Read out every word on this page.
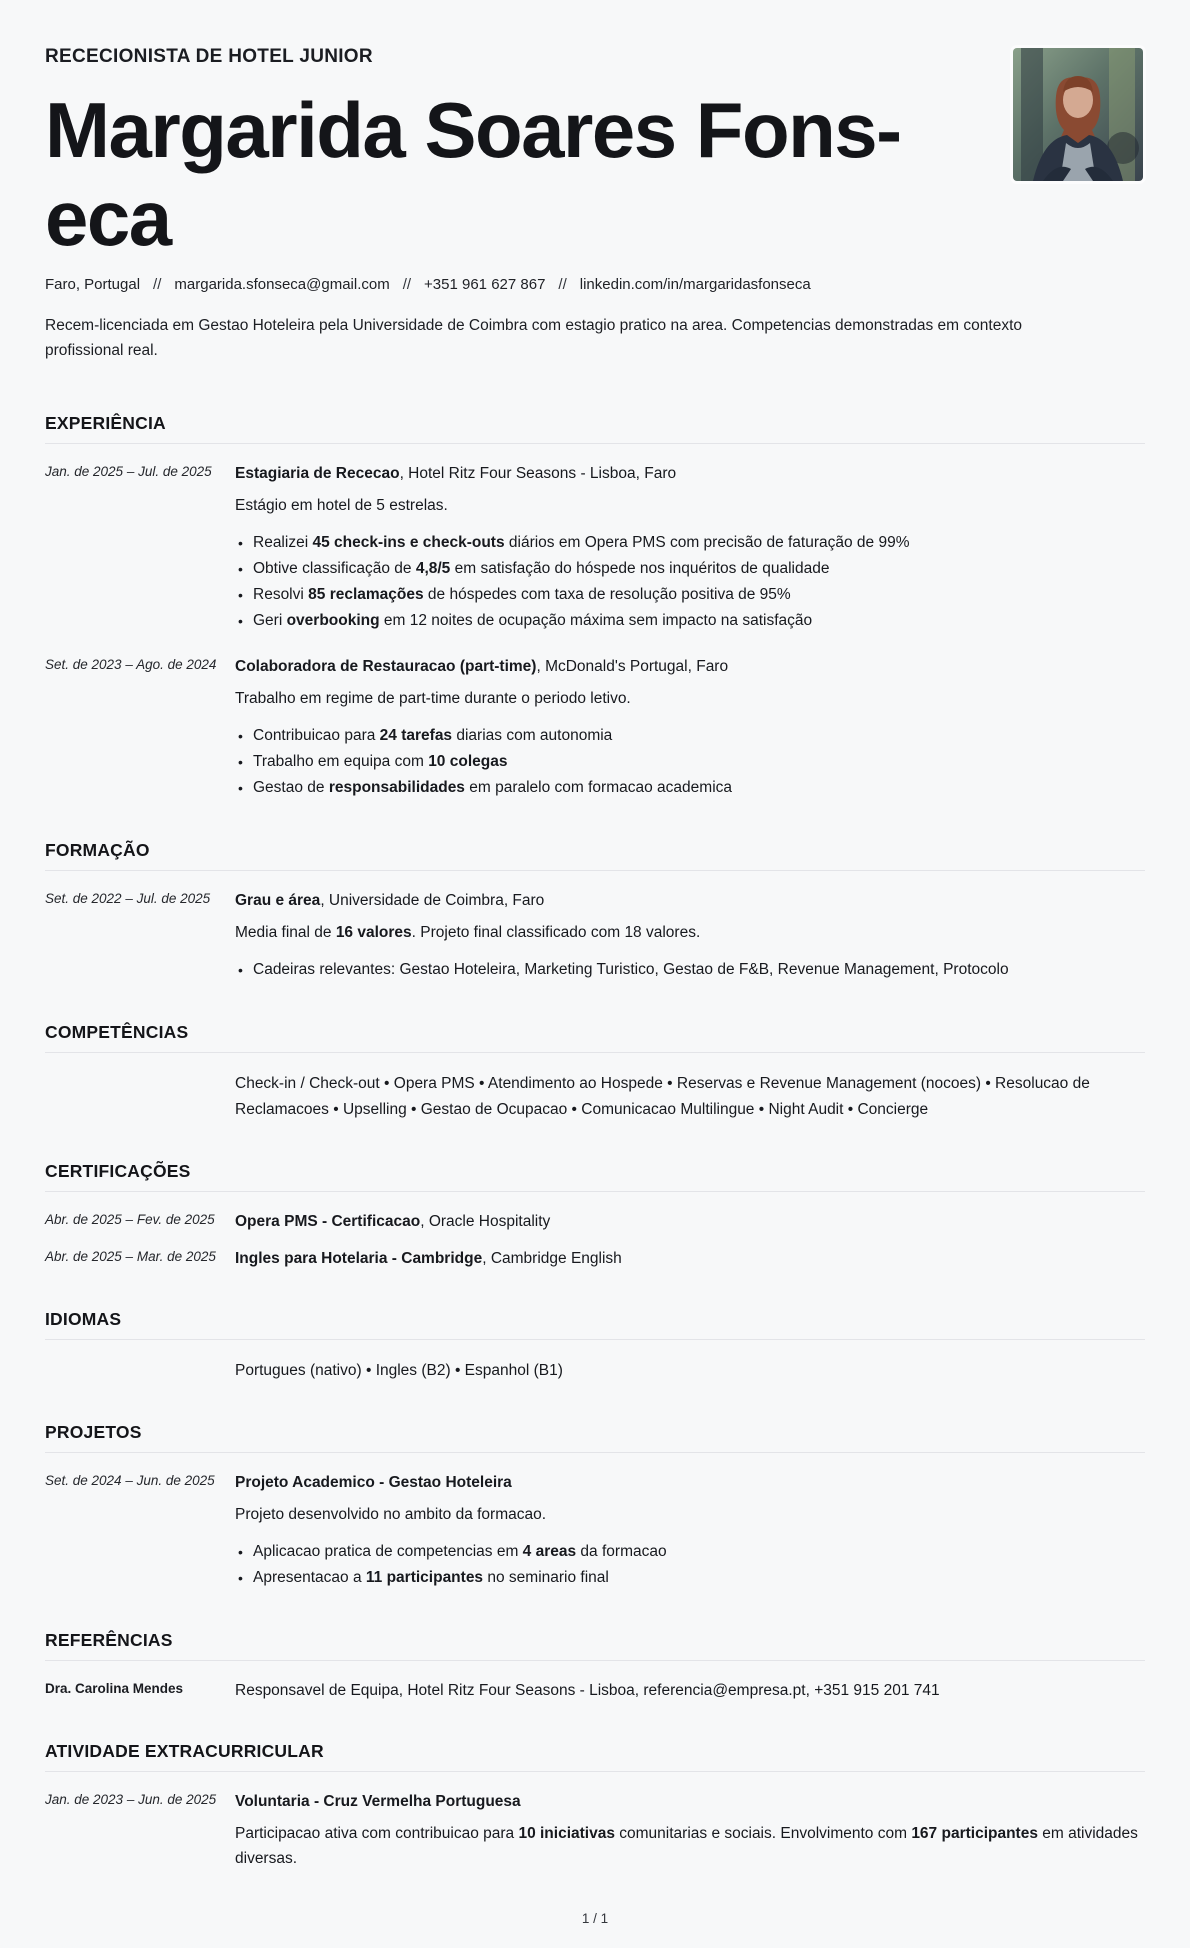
RECECIONISTA DE HOTEL JUNIOR

Margarida Soares Fonseca
Faro, Portugal // margarida.sfonseca@gmail.com // +351 961 627 867 // linkedin.com/in/margaridasfonseca

Recem-licenciada em Gestao Hoteleira pela Universidade de Coimbra com estagio pratico na area. Competencias demonstradas em contexto profissional real.

EXPERIÊNCIA
Jan. de 2025 – Jul. de 2025	Estagiaria de Rececao, Hotel Ritz Four Seasons - Lisboa, Faro

Estágio em hotel de 5 estrelas.

• Realizei 45 check-ins e check-outs diários em Opera PMS com precisão de faturação de 99%
• Obtive classificação de 4,8/5 em satisfação do hóspede nos inquéritos de qualidade
• Resolvi 85 reclamações de hóspedes com taxa de resolução positiva de 95%
• Geri overbooking em 12 noites de ocupação máxima sem impacto na satisfação
Set. de 2023 – Ago. de 2024	Colaboradora de Restauracao (part-time), McDonald's Portugal, Faro

Trabalho em regime de part-time durante o periodo letivo.

• Contribuicao para 24 tarefas diarias com autonomia
• Trabalho em equipa com 10 colegas
• Gestao de responsabilidades em paralelo com formacao academica
FORMAÇÃO
Set. de 2022 – Jul. de 2025	Grau e área, Universidade de Coimbra, Faro

Media final de 16 valores. Projeto final classificado com 18 valores.

• Cadeiras relevantes: Gestao Hoteleira, Marketing Turistico, Gestao de F&B, Revenue Management, Protocolo
COMPETÊNCIAS

Check-in / Check-out • Opera PMS • Atendimento ao Hospede • Reservas e Revenue Management (nocoes) • Resolucao de Reclamacoes • Upselling • Gestao de Ocupacao • Comunicacao Multilingue • Night Audit • Concierge

CERTIFICAÇÕES
Abr. de 2025 – Fev. de 2025	Opera PMS - Certificacao, Oracle Hospitality

Abr. de 2025 – Mar. de 2025	Ingles para Hotelaria - Cambridge, Cambridge English

IDIOMAS

Portugues (nativo) • Ingles (B2) • Espanhol (B1)

PROJETOS
Set. de 2024 – Jun. de 2025	Projeto Academico - Gestao Hoteleira

Projeto desenvolvido no ambito da formacao.

• Aplicacao pratica de competencias em 4 areas da formacao
• Apresentacao a 11 participantes no seminario final
REFERÊNCIAS
Dra. Carolina Mendes	Responsavel de Equipa, Hotel Ritz Four Seasons - Lisboa, referencia@empresa.pt, +351 915 201 741

ATIVIDADE EXTRACURRICULAR
Jan. de 2023 – Jun. de 2025	Voluntaria - Cruz Vermelha Portuguesa

Participacao ativa com contribuicao para 10 iniciativas comunitarias e sociais. Envolvimento com 167 participantes em atividades diversas.

1 / 1
